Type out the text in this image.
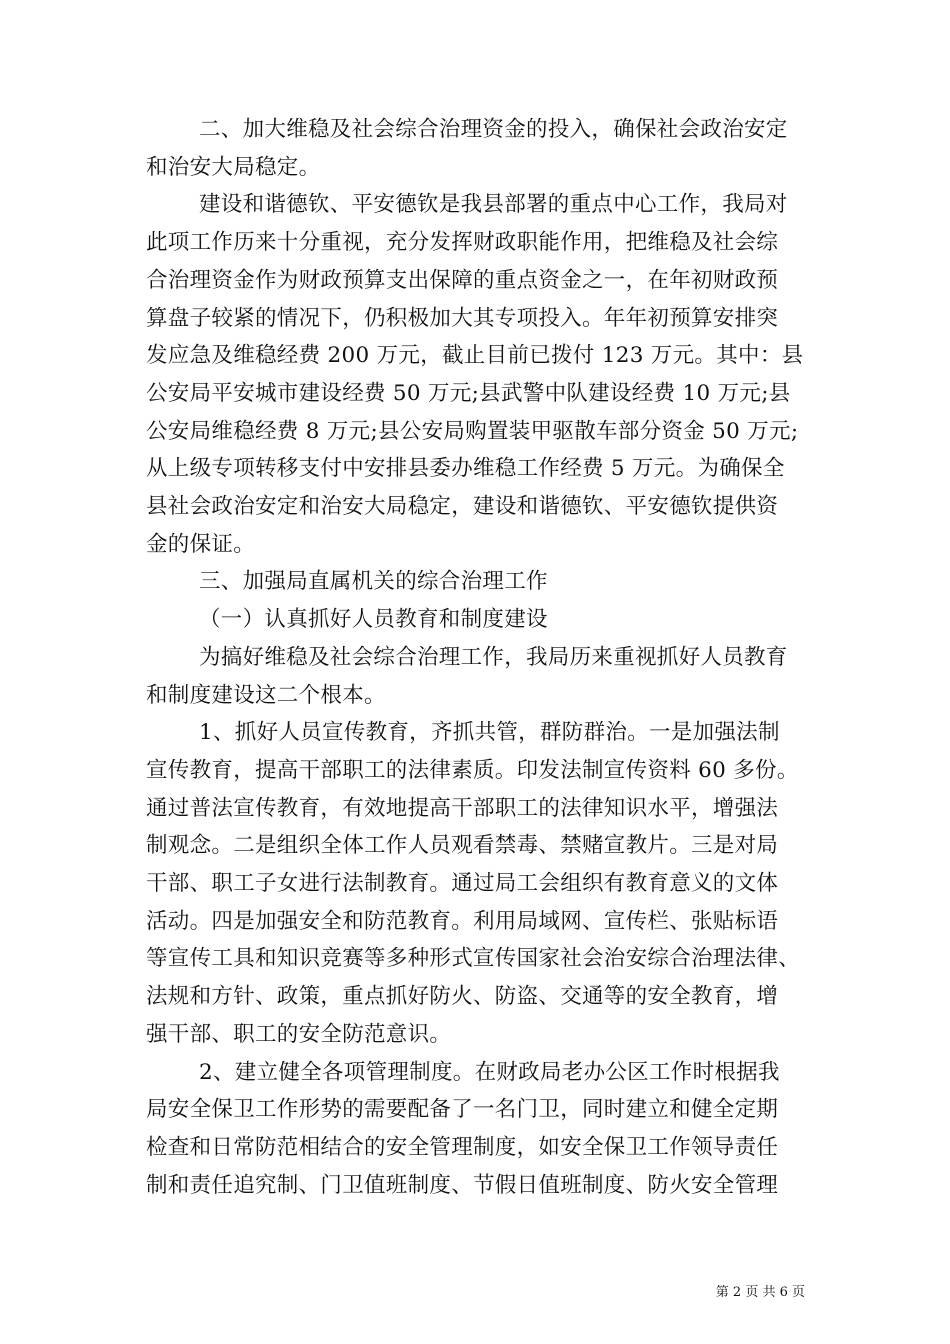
二、加大维稳及社会综合治理资金的投入，确保社会政治安定
和治安大局稳定。
建设和谐德钦、平安德钦是我县部署的重点中心工作，我局对
此项工作历来十分重视，充分发挥财政职能作用，把维稳及社会综
合治理资金作为财政预算支出保障的重点资金之一，在年初财政预
算盘子较紧的情况下，仍积极加大其专项投入。年年初预算安排突
发应急及维稳经费 200 万元，截止目前已拨付 123 万元。其中：县
公安局平安城市建设经费 50 万元;县武警中队建设经费 10 万元;县
公安局维稳经费 8 万元;县公安局购置装甲驱散车部分资金 50 万元;
从上级专项转移支付中安排县委办维稳工作经费 5 万元。为确保全
县社会政治安定和治安大局稳定，建设和谐德钦、平安德钦提供资
金的保证。
三、加强局直属机关的综合治理工作
（一）认真抓好人员教育和制度建设
为搞好维稳及社会综合治理工作，我局历来重视抓好人员教育
和制度建设这二个根本。
1、抓好人员宣传教育，齐抓共管，群防群治。一是加强法制
宣传教育，提高干部职工的法律素质。印发法制宣传资料 60 多份。
通过普法宣传教育，有效地提高干部职工的法律知识水平，增强法
制观念。二是组织全体工作人员观看禁毒、禁赌宣教片。三是对局
干部、职工子女进行法制教育。通过局工会组织有教育意义的文体
活动。四是加强安全和防范教育。利用局域网、宣传栏、张贴标语
等宣传工具和知识竞赛等多种形式宣传国家社会治安综合治理法律、
法规和方针、政策，重点抓好防火、防盗、交通等的安全教育，增
强干部、职工的安全防范意识。
2、建立健全各项管理制度。在财政局老办公区工作时根据我
局安全保卫工作形势的需要配备了一名门卫，同时建立和健全定期
检查和日常防范相结合的安全管理制度，如安全保卫工作领导责任
制和责任追究制、门卫值班制度、节假日值班制度、防火安全管理
第 2 页 共 6 页
